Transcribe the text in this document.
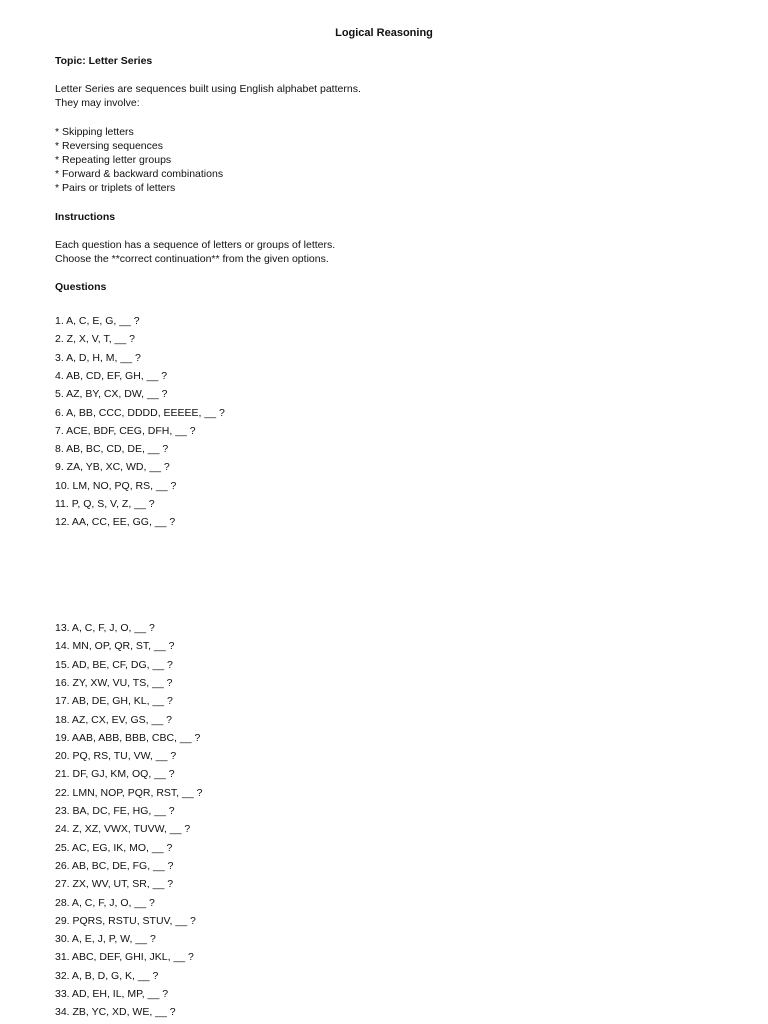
Logical Reasoning
Topic: Letter Series
Letter Series are sequences built using English alphabet patterns.
They may involve:
* Skipping letters
* Reversing sequences
* Repeating letter groups
* Forward & backward combinations
* Pairs or triplets of letters
Instructions
Each question has a sequence of letters or groups of letters.
Choose the **correct continuation** from the given options.
Questions
1. A, C, E, G, __ ?
2. Z, X, V, T, __ ?
3. A, D, H, M, __ ?
4. AB, CD, EF, GH, __ ?
5. AZ, BY, CX, DW, __ ?
6. A, BB, CCC, DDDD, EEEEE, __ ?
7. ACE, BDF, CEG, DFH, __ ?
8. AB, BC, CD, DE, __ ?
9. ZA, YB, XC, WD, __ ?
10. LM, NO, PQ, RS, __ ?
11. P, Q, S, V, Z, __ ?
12. AA, CC, EE, GG, __ ?
13. A, C, F, J, O, __ ?
14. MN, OP, QR, ST, __ ?
15. AD, BE, CF, DG, __ ?
16. ZY, XW, VU, TS, __ ?
17. AB, DE, GH, KL, __ ?
18. AZ, CX, EV, GS, __ ?
19. AAB, ABB, BBB, CBC, __ ?
20. PQ, RS, TU, VW, __ ?
21. DF, GJ, KM, OQ, __ ?
22. LMN, NOP, PQR, RST, __ ?
23. BA, DC, FE, HG, __ ?
24. Z, XZ, VWX, TUVW, __ ?
25. AC, EG, IK, MO, __ ?
26. AB, BC, DE, FG, __ ?
27. ZX, WV, UT, SR, __ ?
28. A, C, F, J, O, __ ?
29. PQRS, RSTU, STUV, __ ?
30. A, E, J, P, W, __ ?
31. ABC, DEF, GHI, JKL, __ ?
32. A, B, D, G, K, __ ?
33. AD, EH, IL, MP, __ ?
34. ZB, YC, XD, WE, __ ?
